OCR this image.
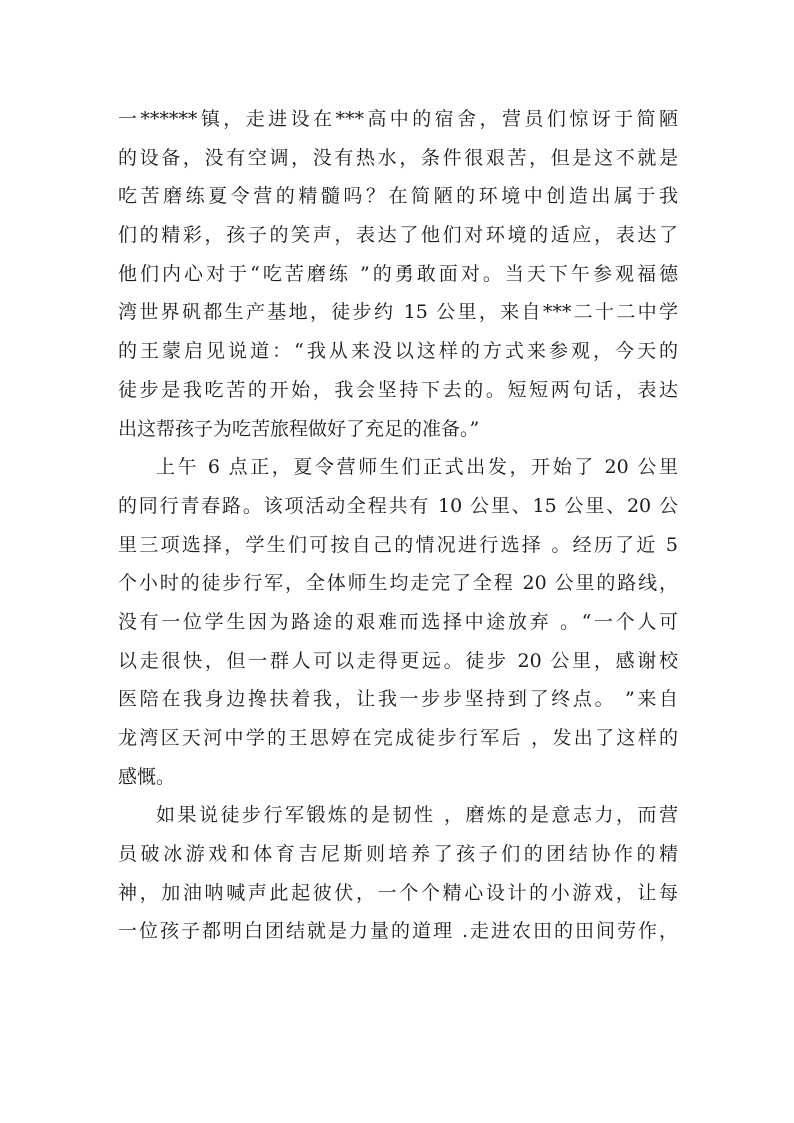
一******镇，走进设在***高中的宿舍，营员们惊讶于简陋
的设备，没有空调，没有热水，条件很艰苦，但是这不就是
吃苦磨练夏令营的精髓吗？在简陋的环境中创造出属于我
们的精彩，孩子的笑声，表达了他们对环境的适应，表达了
他们内心对于“吃苦磨练 ”的勇敢面对。当天下午参观福德
湾世界矾都生产基地，徒步约 15 公里，来自***二十二中学
的王蒙启见说道：“我从来没以这样的方式来参观，今天的
徒步是我吃苦的开始，我会坚持下去的。短短两句话，表达
出这帮孩子为吃苦旅程做好了充足的准备。”
上午 6 点正，夏令营师生们正式出发，开始了 20 公里
的同行青春路。该项活动全程共有 10 公里、15 公里、20 公
里三项选择，学生们可按自己的情况进行选择 。经历了近 5
个小时的徒步行军，全体师生均走完了全程 20 公里的路线，
没有一位学生因为路途的艰难而选择中途放弃 。“一个人可
以走很快，但一群人可以走得更远。徒步 20 公里，感谢校
医陪在我身边搀扶着我，让我一步步坚持到了终点。 ”来自
龙湾区天河中学的王思婷在完成徒步行军后 ，发出了这样的
感慨。
如果说徒步行军锻炼的是韧性 ，磨炼的是意志力，而营
员破冰游戏和体育吉尼斯则培养了孩子们的团结协作的精
神，加油呐喊声此起彼伏，一个个精心设计的小游戏，让每
一位孩子都明白团结就是力量的道理 .走进农田的田间劳作，
